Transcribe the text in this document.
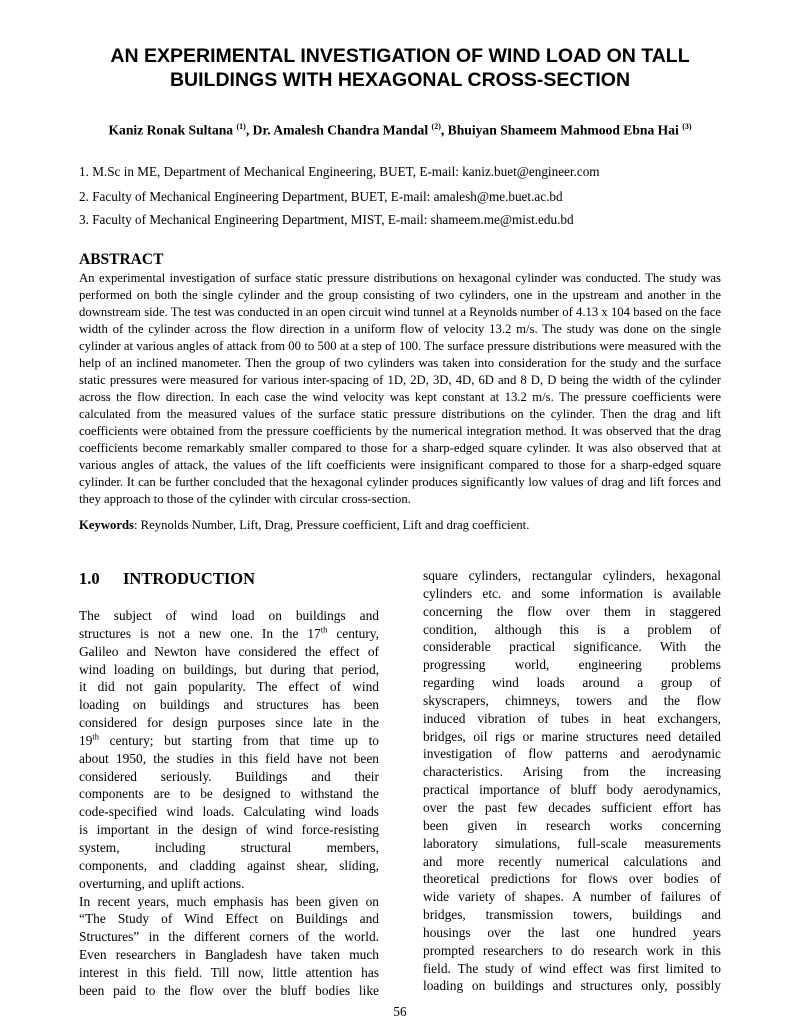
AN EXPERIMENTAL INVESTIGATION OF WIND LOAD ON TALL
BUILDINGS WITH HEXAGONAL CROSS-SECTION
Kaniz Ronak Sultana $^{(1)}$, Dr. Amalesh Chandra Mandal $^{(2)}$, Bhuiyan Shameem Mahmood Ebna Hai $^{(3)}$
1. M.Sc in ME, Department of Mechanical Engineering, BUET, E-mail: kaniz.buet@engineer.com
2. Faculty of Mechanical Engineering Department, BUET, E-mail: amalesh@me.buet.ac.bd
3. Faculty of Mechanical Engineering Department, MIST, E-mail: shameem.me@mist.edu.bd
ABSTRACT
An experimental investigation of surface static pressure distributions on hexagonal cylinder was conducted. The study was performed on both the single cylinder and the group consisting of two cylinders, one in the upstream and another in the downstream side. The test was conducted in an open circuit wind tunnel at a Reynolds number of 4.13 x 104 based on the face width of the cylinder across the flow direction in a uniform flow of velocity 13.2 m/s. The study was done on the single cylinder at various angles of attack from 00 to 500 at a step of 100. The surface pressure distributions were measured with the help of an inclined manometer. Then the group of two cylinders was taken into consideration for the study and the surface static pressures were measured for various inter-spacing of 1D, 2D, 3D, 4D, 6D and 8 D, D being the width of the cylinder across the flow direction. In each case the wind velocity was kept constant at 13.2 m/s. The pressure coefficients were calculated from the measured values of the surface static pressure distributions on the cylinder. Then the drag and lift coefficients were obtained from the pressure coefficients by the numerical integration method. It was observed that the drag coefficients become remarkably smaller compared to those for a sharp-edged square cylinder. It was also observed that at various angles of attack, the values of the lift coefficients were insignificant compared to those for a sharp-edged square cylinder. It can be further concluded that the hexagonal cylinder produces significantly low values of drag and lift forces and they approach to those of the cylinder with circular cross-section.
Keywords: Reynolds Number, Lift, Drag, Pressure coefficient, Lift and drag coefficient.
1.0 INTRODUCTION
The subject of wind load on buildings and
structures is not a new one. In the 17th century,
Galileo and Newton have considered the effect of
wind loading on buildings, but during that period,
it did not gain popularity. The effect of wind
loading on buildings and structures has been
considered for design purposes since late in the
19th century; but starting from that time up to
about 1950, the studies in this field have not been
considered seriously. Buildings and their
components are to be designed to withstand the
code-specified wind loads. Calculating wind loads
is important in the design of wind force-resisting
system, including structural members,
components, and cladding against shear, sliding,
overturning, and uplift actions.
In recent years, much emphasis has been given on
“The Study of Wind Effect on Buildings and
Structures” in the different corners of the world.
Even researchers in Bangladesh have taken much
interest in this field. Till now, little attention has
been paid to the flow over the bluff bodies like
square cylinders, rectangular cylinders, hexagonal
cylinders etc. and some information is available
concerning the flow over them in staggered
condition, although this is a problem of
considerable practical significance. With the
progressing world, engineering problems
regarding wind loads around a group of
skyscrapers, chimneys, towers and the flow
induced vibration of tubes in heat exchangers,
bridges, oil rigs or marine structures need detailed
investigation of flow patterns and aerodynamic
characteristics. Arising from the increasing
practical importance of bluff body aerodynamics,
over the past few decades sufficient effort has
been given in research works concerning
laboratory simulations, full-scale measurements
and more recently numerical calculations and
theoretical predictions for flows over bodies of
wide variety of shapes. A number of failures of
bridges, transmission towers, buildings and
housings over the last one hundred years
prompted researchers to do research work in this
field. The study of wind effect was first limited to
loading on buildings and structures only, possibly
56
